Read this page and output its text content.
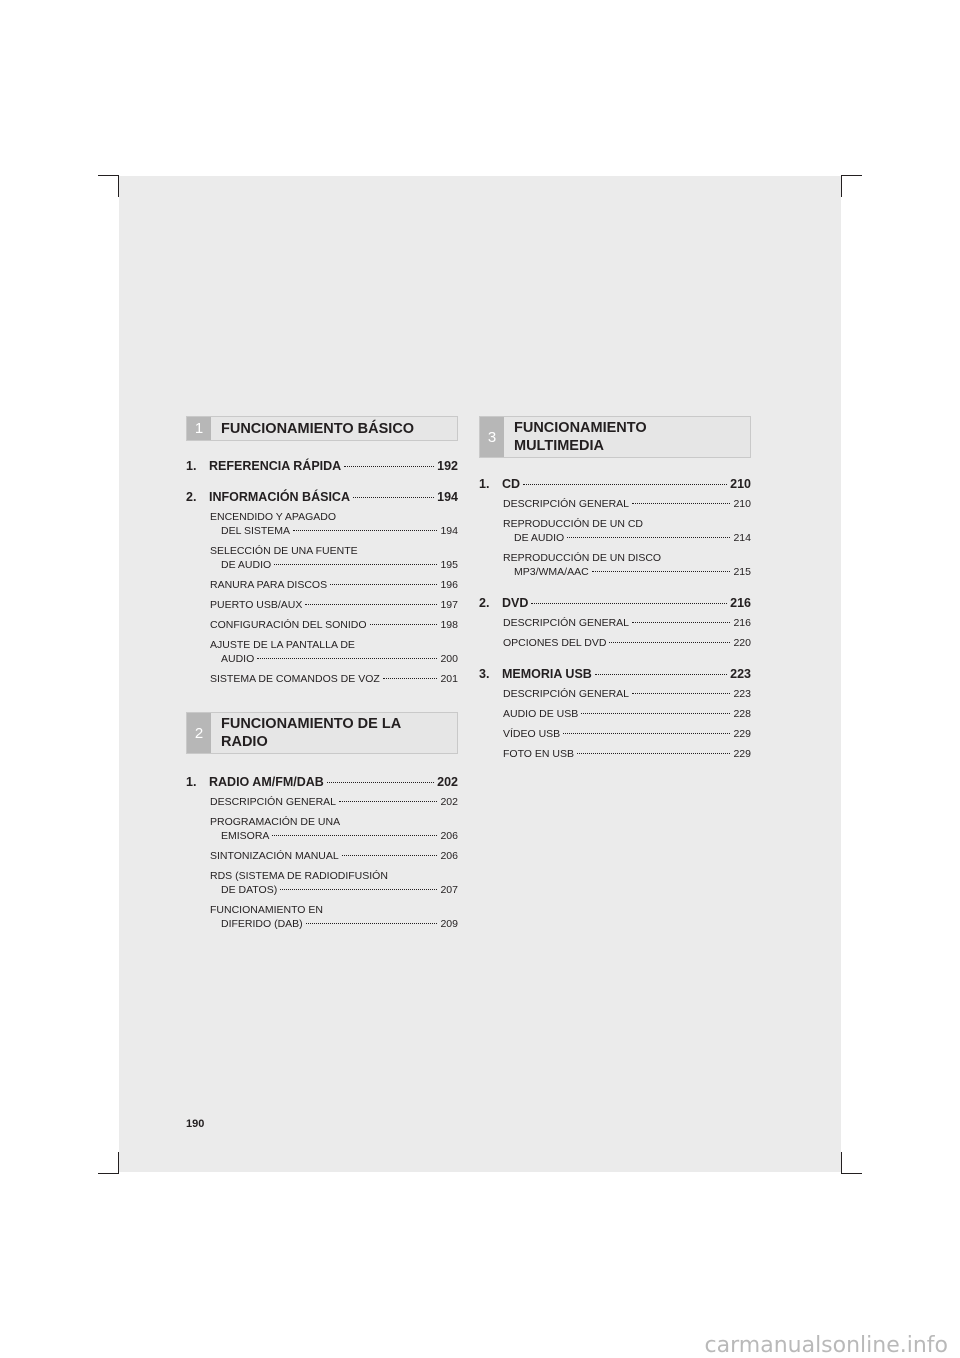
1	FUNCIONAMIENTO BÁSICO
1.	REFERENCIA RÁPIDA	192
2.	INFORMACIÓN BÁSICA	194
ENCENDIDO Y APAGADO
DEL SISTEMA	194
SELECCIÓN DE UNA FUENTE
DE AUDIO	195
RANURA PARA DISCOS	196
PUERTO USB/AUX	197
CONFIGURACIÓN DEL SONIDO	198
AJUSTE DE LA PANTALLA DE
AUDIO	200
SISTEMA DE COMANDOS DE VOZ	201
2
FUNCIONAMIENTO DE LA
RADIO
1.	RADIO AM/FM/DAB	202
DESCRIPCIÓN GENERAL	202
PROGRAMACIÓN DE UNA
EMISORA	206
SINTONIZACIÓN MANUAL	206
RDS (SISTEMA DE RADIODIFUSIÓN
DE DATOS)	207
FUNCIONAMIENTO EN
DIFERIDO (DAB)	209
3
FUNCIONAMIENTO
MULTIMEDIA
1.	CD	210
DESCRIPCIÓN GENERAL	210
REPRODUCCIÓN DE UN CD
DE AUDIO	214
REPRODUCCIÓN DE UN DISCO
MP3/WMA/AAC	215
2.	DVD	216
DESCRIPCIÓN GENERAL	216
OPCIONES DEL DVD	220
3.	MEMORIA USB	223
DESCRIPCIÓN GENERAL	223
AUDIO DE USB	228
VÍDEO USB	229
FOTO EN USB	229
190
carmanualsonline.info
